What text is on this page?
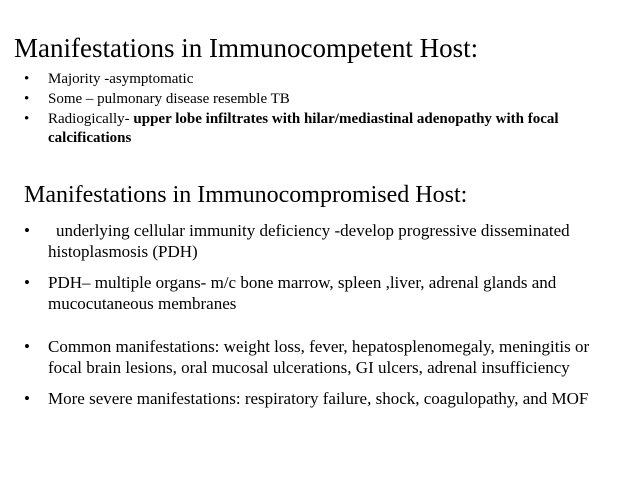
Manifestations in Immunocompetent Host:
• Majority -asymptomatic
• Some – pulmonary disease resemble TB
• Radiogically- upper lobe infiltrates with hilar/mediastinal adenopathy with focal calcifications
Manifestations in Immunocompromised Host:
• underlying cellular immunity deficiency -develop progressive disseminated histoplasmosis (PDH)
• PDH– multiple organs- m/c bone marrow, spleen ,liver, adrenal glands and mucocutaneous membranes
• Common manifestations: weight loss, fever, hepatosplenomegaly, meningitis or focal brain lesions, oral mucosal ulcerations, GI ulcers, adrenal insufficiency
• More severe manifestations: respiratory failure, shock, coagulopathy, and MOF
